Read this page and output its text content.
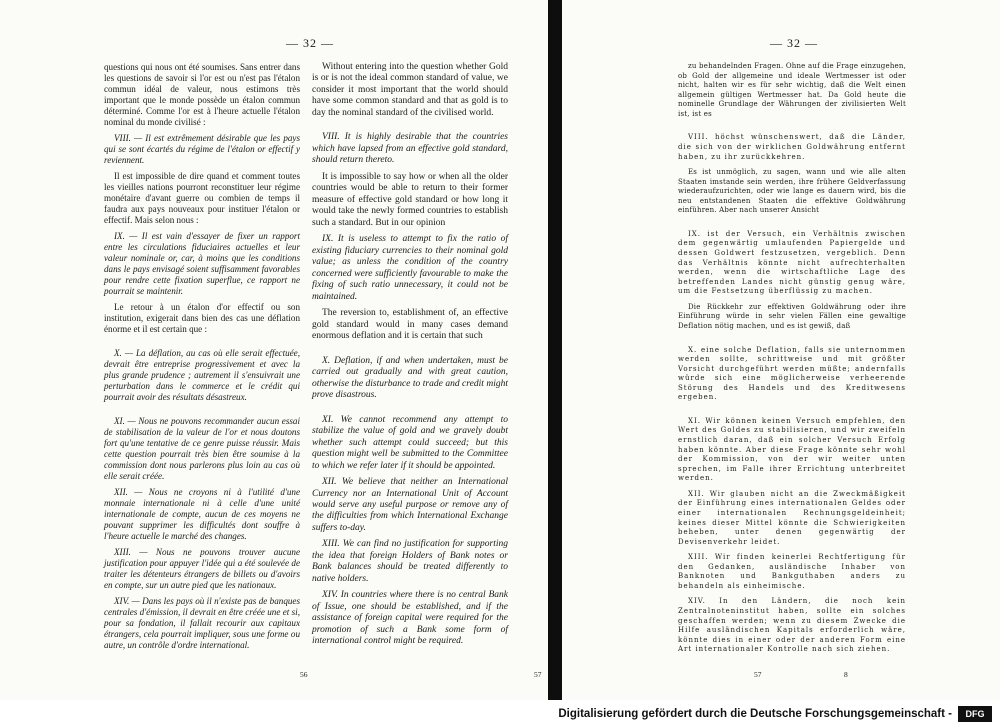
— 32 —

questions qui nous ont été soumises. Sans entrer dans les questions de savoir si l'or est ou n'est pas l'étalon commun idéal de valeur, nous estimons très important que le monde possède un étalon commun déterminé. Comme l'or est à l'heure actuelle l'étalon nominal du monde civilisé :

VIII. — Il est extrêmement désirable que les pays qui se sont écartés du régime de l'étalon or effectif y reviennent.

Il est impossible de dire quand et comment toutes les vieilles nations pourront reconstituer leur régime monétaire d'avant guerre ou combien de temps il faudra aux pays nouveaux pour instituer l'étalon or effectif. Mais selon nous :

IX. — Il est vain d'essayer de fixer un rapport entre les circulations fiduciaires actuelles et leur valeur nominale or, car, à moins que les conditions dans le pays envisagé soient suffisamment favorables pour rendre cette fixation superflue, ce rapport ne pourrait se maintenir.

Le retour à un étalon d'or effectif ou son institution, exigerait dans bien des cas une déflation énorme et il est certain que :

X. — La déflation, au cas où elle serait effectuée, devrait être entreprise progressivement et avec la plus grande prudence ; autrement il s'ensuivrait une perturbation dans le commerce et le crédit qui pourrait avoir des résultats désastreux.

XI. — Nous ne pouvons recommander aucun essai de stabilisation de la valeur de l'or et nous doutons fort qu'une tentative de ce genre puisse réussir. Mais cette question pourrait très bien être soumise à la commission dont nous parlerons plus loin au cas où elle serait créée.

XII. — Nous ne croyons ni à l'utilité d'une monnaie internationale ni à celle d'une unité internationale de compte, aucun de ces moyens ne pouvant supprimer les difficultés dont souffre à l'heure actuelle le marché des changes.

XIII. — Nous ne pouvons trouver aucune justification pour appuyer l'idée qui a été soulevée de traiter les détenteurs étrangers de billets ou d'avoirs en compte, sur un autre pied que les nationaux.

XIV. — Dans les pays où il n'existe pas de banques centrales d'émission, il devrait en être créée une et si, pour sa fondation, il fallait recourir aux capitaux étrangers, cela pourrait impliquer, sous une forme ou autre, un contrôle d'ordre international.

Without entering into the question whether Gold is or is not the ideal common standard of value, we consider it most important that the world should have some common standard and that as gold is to day the nominal standard of the civilised world.

VIII. It is highly desirable that the countries which have lapsed from an effective gold standard, should return thereto.

It is impossible to say how or when all the older countries would be able to return to their former measure of effective gold standard or how long it would take the newly formed countries to establish such a standard. But in our opinion

IX. It is useless to attempt to fix the ratio of existing fiduciary currencies to their nominal gold value; as unless the condition of the country concerned were sufficiently favourable to make the fixing of such ratio unnecessary, it could not be maintained.

The reversion to, establishment of, an effective gold standard would in many cases demand enormous deflation and it is certain that such

X. Deflation, if and when undertaken, must be carried out gradually and with great caution, otherwise the disturbance to trade and credit might prove disastrous.

XI. We cannot recommend any attempt to stabilize the value of gold and we gravely doubt whether such attempt could succeed; but this question might well be submitted to the Committee to which we refer later if it should be appointed.

XII. We believe that neither an International Currency nor an International Unit of Account would serve any useful purpose or remove any of the difficulties from which International Exchange suffers to-day.

XIII. We can find no justification for supporting the idea that foreign Holders of Bank notes or Bank balances should be treated differently to native holders.

XIV. In countries where there is no central Bank of Issue, one should be established, and if the assistance of foreign capital were required for the promotion of such a Bank some form of international control might be required.

56	57
— 32 —

zu behandelnden Fragen. Ohne auf die Frage einzugehen, ob Gold der allgemeine und ideale Wertmesser ist oder nicht, halten wir es für sehr wichtig, daß die Welt einen allgemein gültigen Wertmesser hat. Da Gold heute die nominelle Grundlage der Währungen der zivilisierten Welt ist, ist es

VIII. höchst wünschenswert, daß die Länder, die sich von der wirklichen Goldwährung entfernt haben, zu ihr zurückkehren.

Es ist unmöglich, zu sagen, wann und wie alle alten Staaten imstande sein werden, ihre frühere Geldverfassung wiederaufzurichten, oder wie lange es dauern wird, bis die neu entstandenen Staaten die effektive Goldwährung einführen. Aber nach unserer Ansicht

IX. ist der Versuch, ein Verhältnis zwischen dem gegenwärtig umlaufenden Papiergelde und dessen Goldwert festzusetzen, vergeblich. Denn das Verhältnis könnte nicht aufrechterhalten werden, wenn die wirtschaftliche Lage des betreffenden Landes nicht günstig genug wäre, um die Festsetzung überflüssig zu machen.

Die Rückkehr zur effektiven Goldwährung oder ihre Einführung würde in sehr vielen Fällen eine gewaltige Deflation nötig machen, und es ist gewiß, daß

X. eine solche Deflation, falls sie unternommen werden sollte, schrittweise und mit größter Vorsicht durchgeführt werden müßte; andernfalls würde sich eine möglicherweise verheerende Störung des Handels und des Kreditwesens ergeben.

XI. Wir können keinen Versuch empfehlen, den Wert des Goldes zu stabilisieren, und wir zweifeln ernstlich daran, daß ein solcher Versuch Erfolg haben könnte. Aber diese Frage könnte sehr wohl der Kommission, von der wir weiter unten sprechen, im Falle ihrer Errichtung unterbreitet werden.

XII. Wir glauben nicht an die Zweckmäßigkeit der Einführung eines internationalen Geldes oder einer internationalen Rechnungsgeldeinheit; keines dieser Mittel könnte die Schwierigkeiten beheben, unter denen gegenwärtig der Devisenverkehr leidet.

XIII. Wir finden keinerlei Rechtfertigung für den Gedanken, ausländische Inhaber von Banknoten und Bankguthaben anders zu behandeln als einheimische.

XIV. In den Ländern, die noch kein Zentralnoteninstitut haben, sollte ein solches geschaffen werden; wenn zu diesem Zwecke die Hilfe ausländischen Kapitals erforderlich wäre, könnte dies in einer oder der anderen Form eine Art internationaler Kontrolle nach sich ziehen.

57	8
Digitalisierung gefördert durch die Deutsche Forschungsgemeinschaft -	DFG
